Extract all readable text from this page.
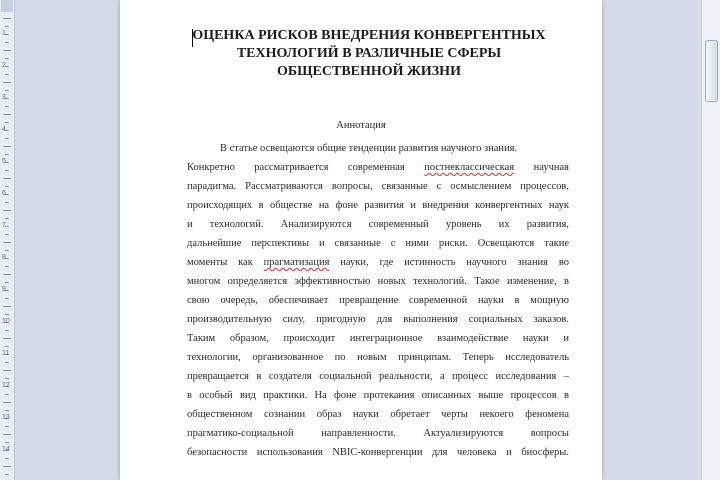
1
2
3
4
5
6
7
8
9
10
11
12
13
14
ОЦЕНКА РИСКОВ ВНЕДРЕНИЯ КОНВЕРГЕНТНЫХ
ТЕХНОЛОГИЙ В РАЗЛИЧНЫЕ СФЕРЫ
ОБЩЕСТВЕННОЙ ЖИЗНИ

Аннотация

В статье освещаются общие тенденции развития научного знания.
Конкретно рассматривается современная постнеклассическая научная
парадигма. Рассматриваются вопросы, связанные с осмыслением процессов,
происходящих в обществе на фоне развития и внедрения конвергентных наук
и технологий. Анализируются современный уровень их развития,
дальнейшие перспективы и связанные с ними риски. Освещаются такие
моменты как прагматизация науки, где истинность научного знания во
многом определяется эффективностью новых технологий. Такое изменение, в
свою очередь, обеспечивает превращение современной науки в мощную
производительную силу, пригодную для выполнения социальных заказов.
Таким образом, происходит интеграционное взаимодействие науки и
технологии, организованное по новым принципам. Теперь исследователь
превращается в создателя социальной реальности, а процесс исследования –
в особый вид практики. На фоне протекания описанных выше процессов в
общественном сознании образ науки обретает черты некоего феномена
прагматико-социальной направленности. Актуализируются вопросы
безопасности использования NBIC-конвергенции для человека и биосферы.
